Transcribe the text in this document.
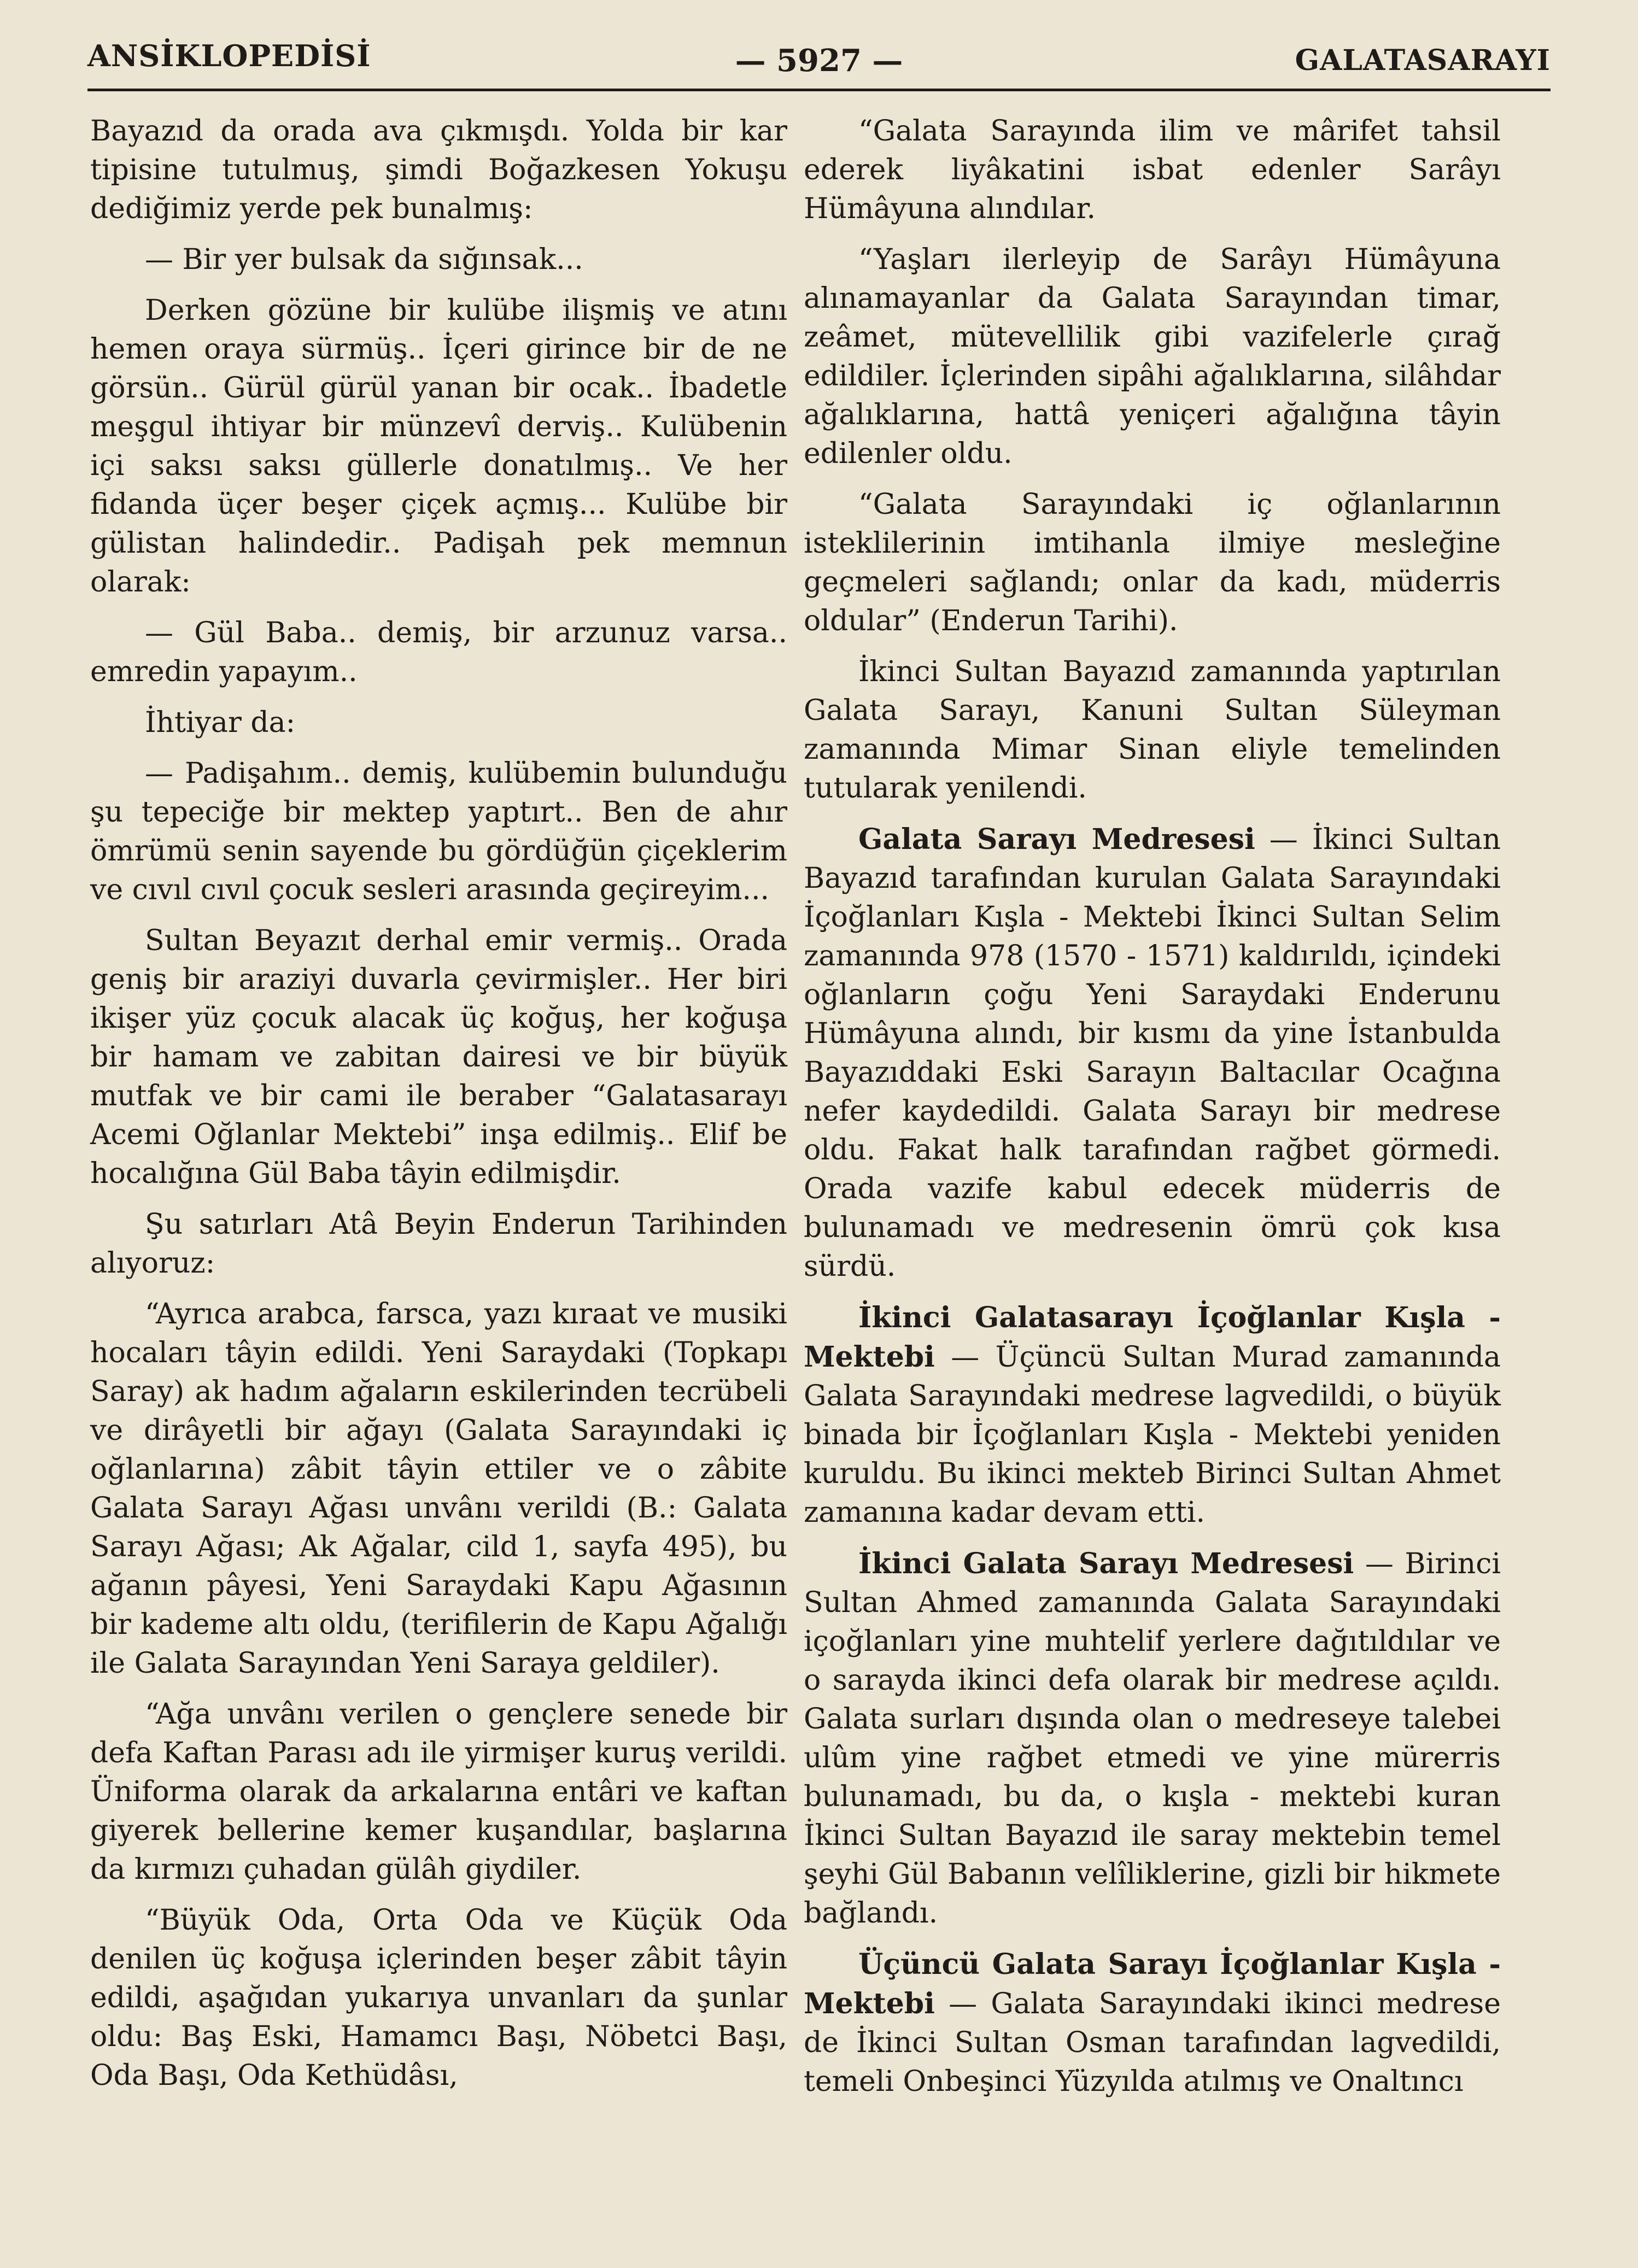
ANSİKLOPEDİSİ	— 5927 —	GALATASARAYI

Bayazıd da orada ava çıkmışdı. Yolda bir kar tipisine tutulmuş, şimdi Boğazkesen Yokuşu dediğimiz yerde pek bunalmış:

— Bir yer bulsak da sığınsak...

Derken gözüne bir kulübe ilişmiş ve atını hemen oraya sürmüş.. İçeri girince bir de ne görsün.. Gürül gürül yanan bir ocak.. İbadetle meşgul ihtiyar bir münzevî derviş.. Kulübenin içi saksı saksı güllerle donatılmış.. Ve her fidanda üçer beşer çiçek açmış... Kulübe bir gülistan halindedir.. Padişah pek memnun olarak:

— Gül Baba.. demiş, bir arzunuz varsa.. emredin yapayım..

İhtiyar da:

— Padişahım.. demiş, kulübemin bulunduğu şu tepeciğe bir mektep yaptırt.. Ben de ahır ömrümü senin sayende bu gördüğün çiçeklerim ve cıvıl cıvıl çocuk sesleri arasında geçireyim...

Sultan Beyazıt derhal emir vermiş.. Orada geniş bir araziyi duvarla çevirmişler.. Her biri ikişer yüz çocuk alacak üç koğuş, her koğuşa bir hamam ve zabitan dairesi ve bir büyük mutfak ve bir cami ile beraber “Galatasarayı Acemi Oğlanlar Mektebi” inşa edilmiş.. Elif be hocalığına Gül Baba tâyin edilmişdir.

Şu satırları Atâ Beyin Enderun Tarihinden alıyoruz:

“Ayrıca arabca, farsca, yazı kıraat ve musiki hocaları tâyin edildi. Yeni Saraydaki (Topkapı Saray) ak hadım ağaların eskilerinden tecrübeli ve dirâyetli bir ağayı (Galata Sarayındaki iç oğlanlarına) zâbit tâyin ettiler ve o zâbite Galata Sarayı Ağası unvânı verildi (B.: Galata Sarayı Ağası; Ak Ağalar, cild 1, sayfa 495), bu ağanın pâyesi, Yeni Saraydaki Kapu Ağasının bir kademe altı oldu, (terifilerin de Kapu Ağalığı ile Galata Sarayından Yeni Saraya geldiler).

“Ağa unvânı verilen o gençlere senede bir defa Kaftan Parası adı ile yirmişer kuruş verildi. Üniforma olarak da arkalarına entâri ve kaftan giyerek bellerine kemer kuşandılar, başlarına da kırmızı çuhadan gülâh giydiler.

“Büyük Oda, Orta Oda ve Küçük Oda denilen üç koğuşa içlerinden beşer zâbit tâyin edildi, aşağıdan yukarıya unvanları da şunlar oldu: Baş Eski, Hamamcı Başı, Nöbetci Başı, Oda Başı, Oda Kethüdâsı,

“Galata Sarayında ilim ve mârifet tahsil ederek liyâkatini isbat edenler Sarâyı Hümâyuna alındılar.

“Yaşları ilerleyip de Sarâyı Hümâyuna alınamayanlar da Galata Sarayından timar, zeâmet, mütevellilik gibi vazifelerle çırağ edildiler. İçlerinden sipâhi ağalıklarına, silâhdar ağalıklarına, hattâ yeniçeri ağalığına tâyin edilenler oldu.

“Galata Sarayındaki iç oğlanlarının isteklilerinin imtihanla ilmiye mesleğine geçmeleri sağlandı; onlar da kadı, müderris oldular” (Enderun Tarihi).

İkinci Sultan Bayazıd zamanında yaptırılan Galata Sarayı, Kanuni Sultan Süleyman zamanında Mimar Sinan eliyle temelinden tutularak yenilendi.

Galata Sarayı Medresesi — İkinci Sultan Bayazıd tarafından kurulan Galata Sarayındaki İçoğlanları Kışla - Mektebi İkinci Sultan Selim zamanında 978 (1570 - 1571) kaldırıldı, içindeki oğlanların çoğu Yeni Saraydaki Enderunu Hümâyuna alındı, bir kısmı da yine İstanbulda Bayazıddaki Eski Sarayın Baltacılar Ocağına nefer kaydedildi. Galata Sarayı bir medrese oldu. Fakat halk tarafından rağbet görmedi. Orada vazife kabul edecek müderris de bulunamadı ve medresenin ömrü çok kısa sürdü.

İkinci Galatasarayı İçoğlanlar Kışla - Mektebi — Üçüncü Sultan Murad zamanında Galata Sarayındaki medrese lagvedildi, o büyük binada bir İçoğlanları Kışla - Mektebi yeniden kuruldu. Bu ikinci mekteb Birinci Sultan Ahmet zamanına kadar devam etti.

İkinci Galata Sarayı Medresesi — Birinci Sultan Ahmed zamanında Galata Sarayındaki içoğlanları yine muhtelif yerlere dağıtıldılar ve o sarayda ikinci defa olarak bir medrese açıldı. Galata surları dışında olan o medreseye talebei ulûm yine rağbet etmedi ve yine mürerris bulunamadı, bu da, o kışla - mektebi kuran İkinci Sultan Bayazıd ile saray mektebin temel şeyhi Gül Babanın velîliklerine, gizli bir hikmete bağlandı.

Üçüncü Galata Sarayı İçoğlanlar Kışla - Mektebi — Galata Sarayındaki ikinci medrese de İkinci Sultan Osman tarafından lagvedildi, temeli Onbeşinci Yüzyılda atılmış ve Onaltıncı
